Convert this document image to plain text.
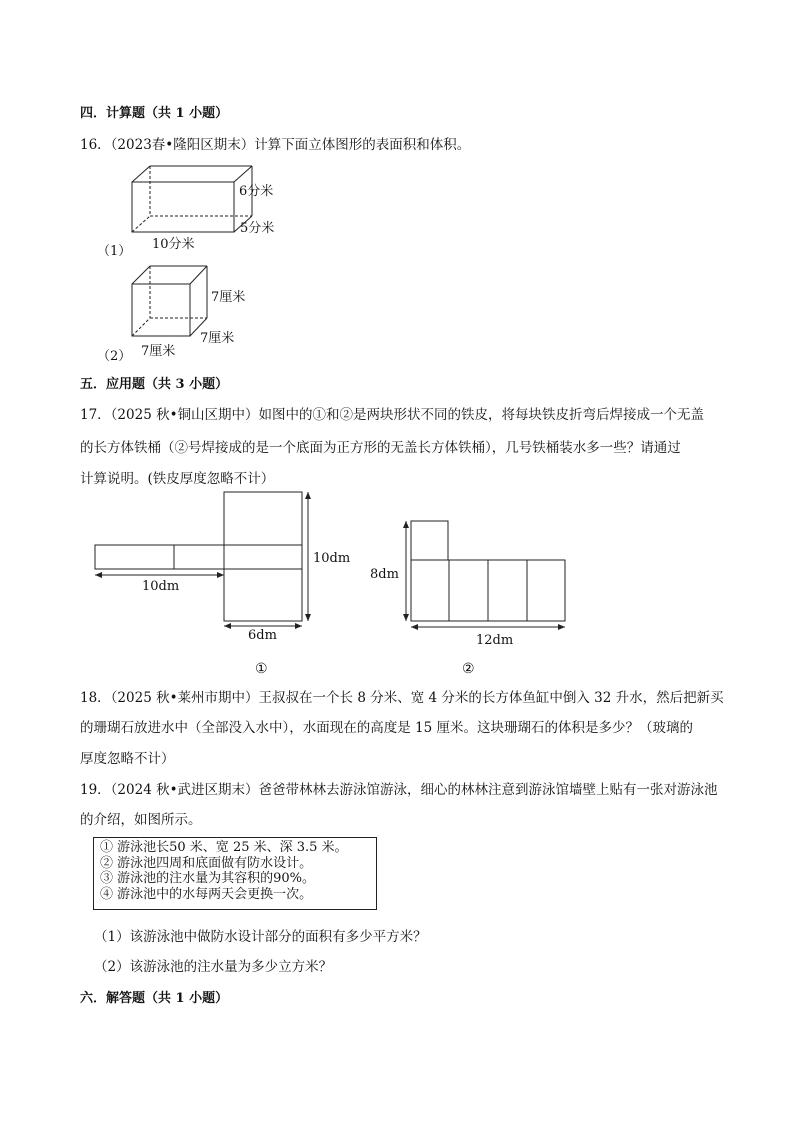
四．计算题（共 1 小题）
16．（2023春•隆阳区期末）计算下面立体图形的表面积和体积。
6分米
5分米
10分米
（1）
7厘米
7厘米
7厘米
（2）
五．应用题（共 3 小题）
17．（2025 秋•铜山区期中）如图中的①和②是两块形状不同的铁皮，将每块铁皮折弯后焊接成一个无盖
的长方体铁桶（②号焊接成的是一个底面为正方形的无盖长方体铁桶），几号铁桶装水多一些？请通过
计算说明。(铁皮厚度忽略不计）
10dm
10dm
6dm
①
8dm
12dm
②
18．（2025 秋•莱州市期中）王叔叔在一个长 8 分米、宽 4 分米的长方体鱼缸中倒入 32 升水，然后把新买
的珊瑚石放进水中（全部没入水中），水面现在的高度是 15 厘米。这块珊瑚石的体积是多少？（玻璃的
厚度忽略不计）
19．（2024 秋•武进区期末）爸爸带林林去游泳馆游泳，细心的林林注意到游泳馆墙壁上贴有一张对游泳池
的介绍，如图所示。
① 游泳池长50 米、宽 25 米、深 3.5 米。
② 游泳池四周和底面做有防水设计。
③ 游泳池的注水量为其容积的90%。
④ 游泳池中的水每两天会更换一次。
（1）该游泳池中做防水设计部分的面积有多少平方米？
（2）该游泳池的注水量为多少立方米？
六．解答题（共 1 小题）
